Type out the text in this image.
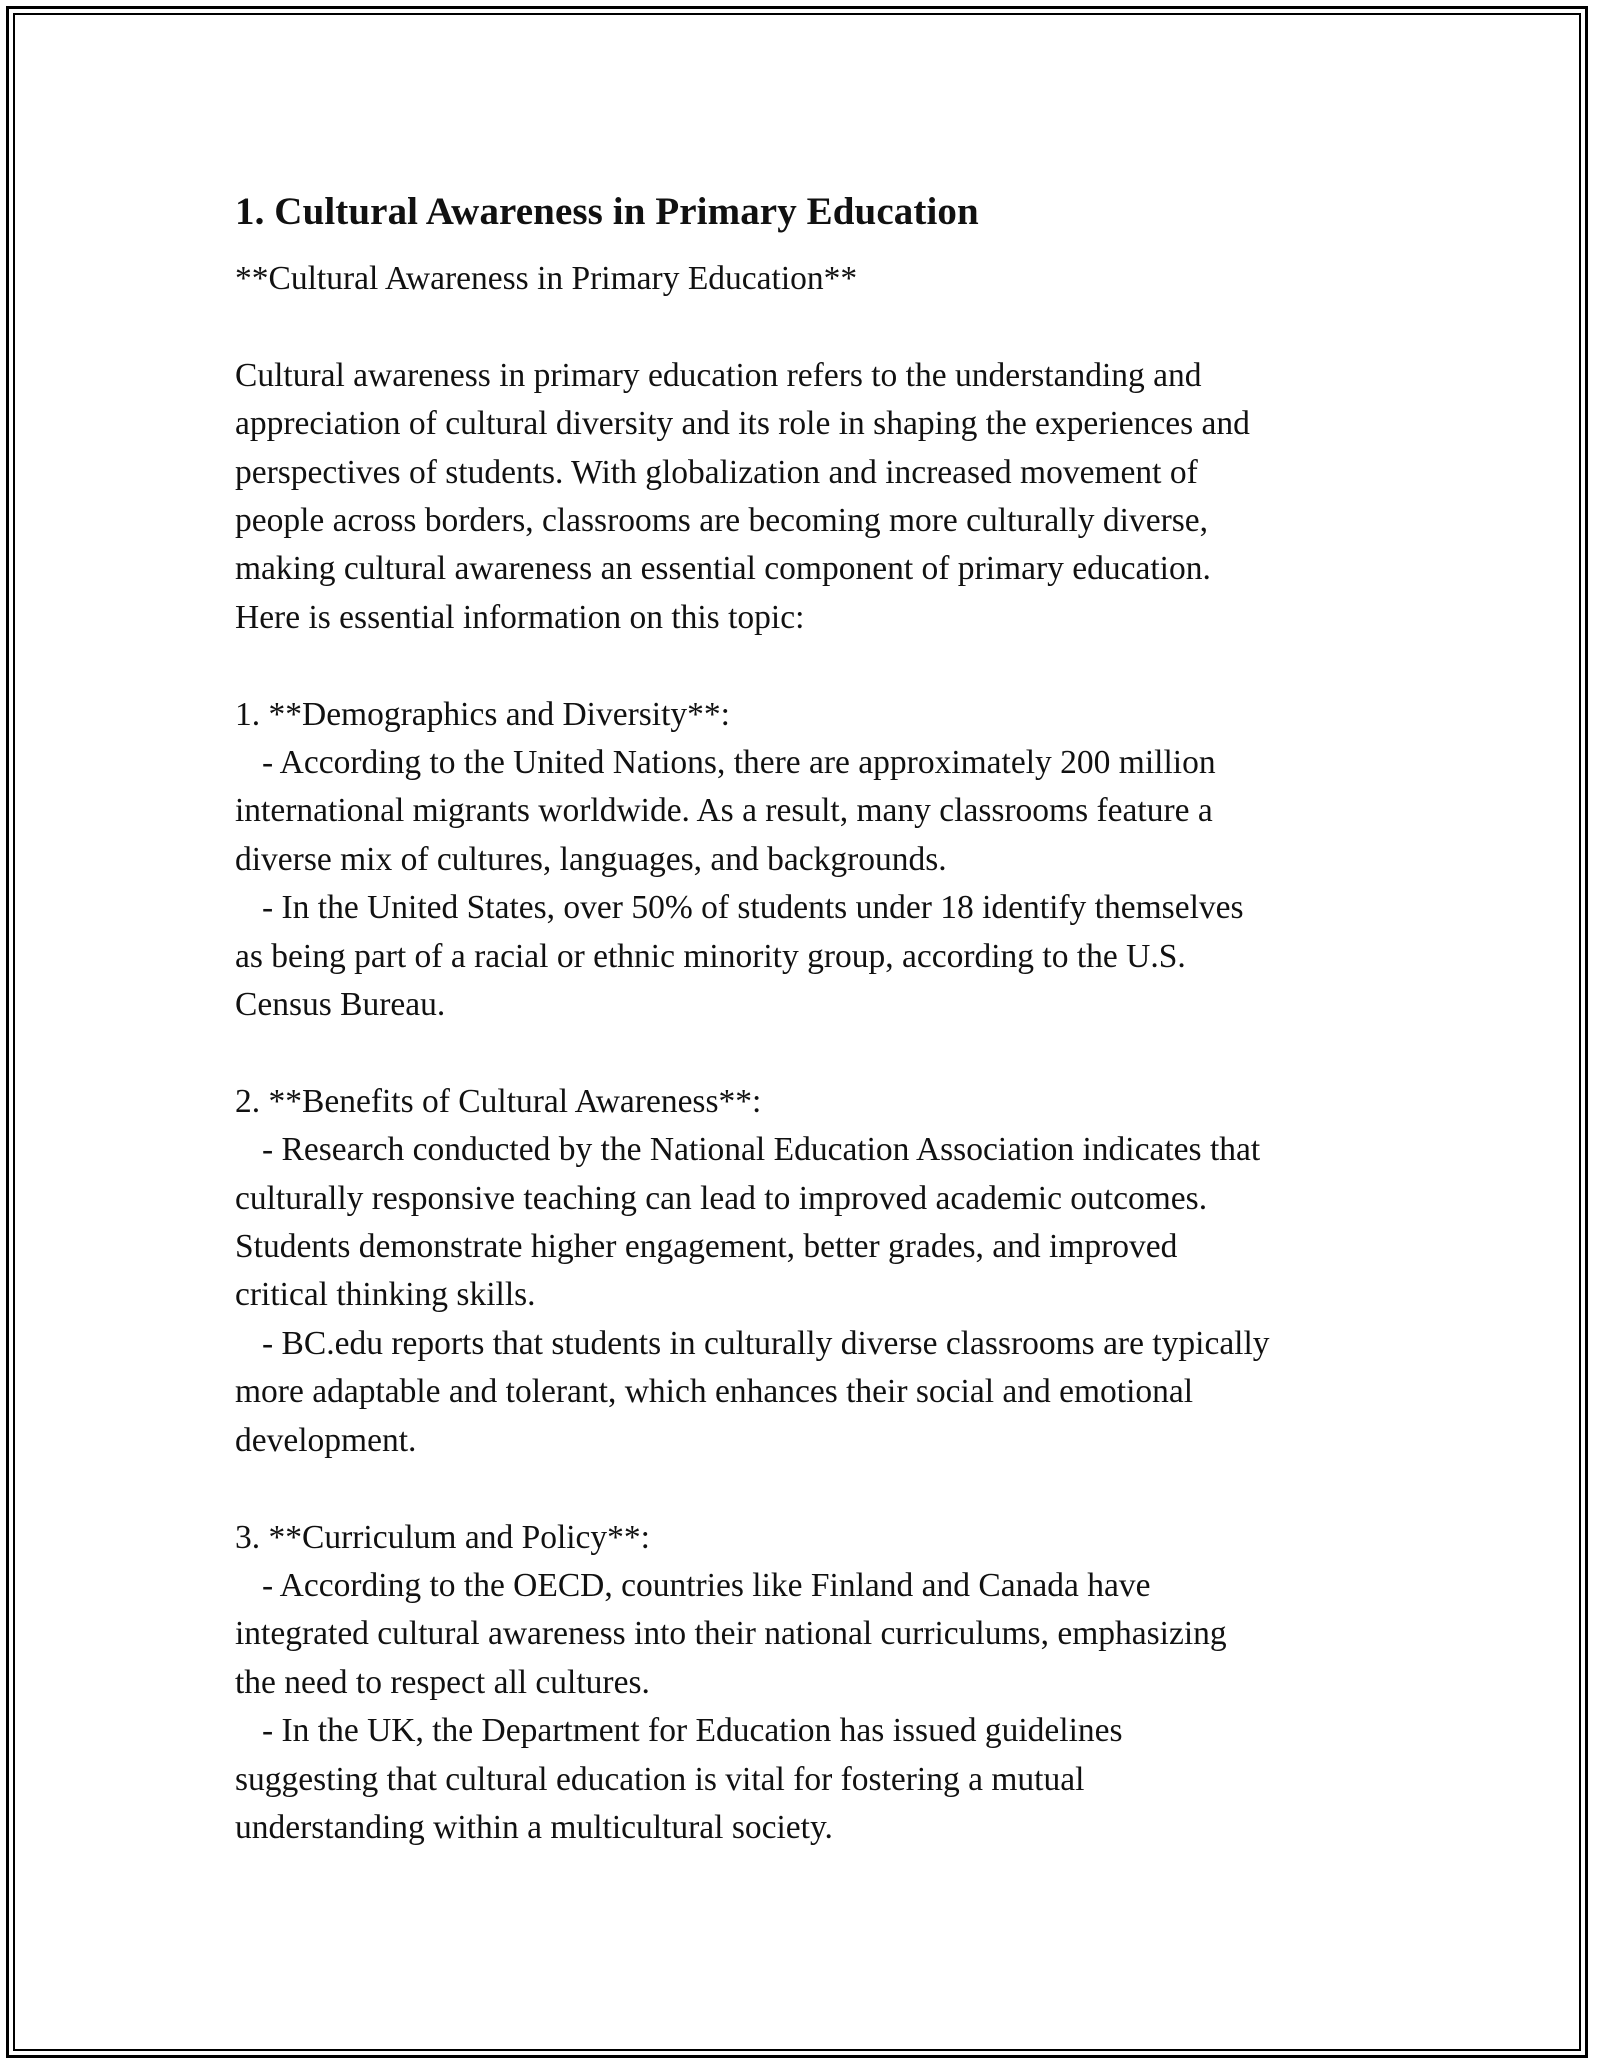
1. Cultural Awareness in Primary Education

**Cultural Awareness in Primary Education**

Cultural awareness in primary education refers to the understanding and
appreciation of cultural diversity and its role in shaping the experiences and
perspectives of students. With globalization and increased movement of
people across borders, classrooms are becoming more culturally diverse,
making cultural awareness an essential component of primary education.
Here is essential information on this topic:
1. **Demographics and Diversity**:
- According to the United Nations, there are approximately 200 million
international migrants worldwide. As a result, many classrooms feature a
diverse mix of cultures, languages, and backgrounds.
- In the United States, over 50% of students under 18 identify themselves
as being part of a racial or ethnic minority group, according to the U.S.
Census Bureau.
2. **Benefits of Cultural Awareness**:
- Research conducted by the National Education Association indicates that
culturally responsive teaching can lead to improved academic outcomes.
Students demonstrate higher engagement, better grades, and improved
critical thinking skills.
- BC.edu reports that students in culturally diverse classrooms are typically
more adaptable and tolerant, which enhances their social and emotional
development.
3. **Curriculum and Policy**:
- According to the OECD, countries like Finland and Canada have
integrated cultural awareness into their national curriculums, emphasizing
the need to respect all cultures.
- In the UK, the Department for Education has issued guidelines
suggesting that cultural education is vital for fostering a mutual
understanding within a multicultural society.
